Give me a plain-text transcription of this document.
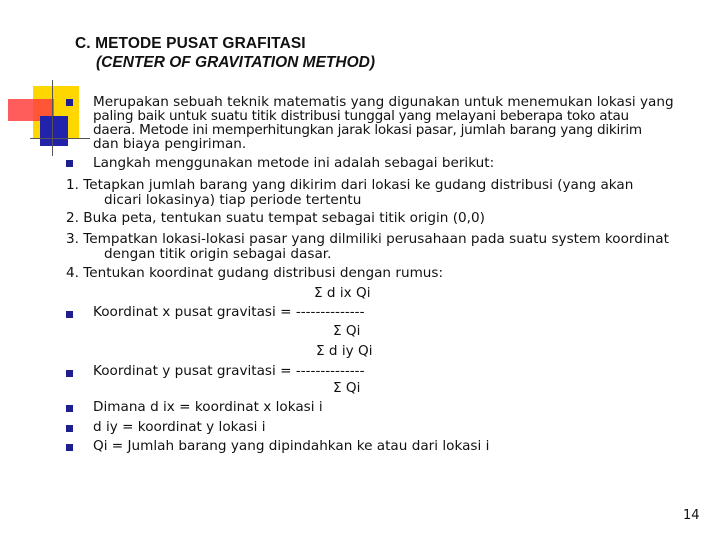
C. METODE PUSAT GRAFITASI
(CENTER OF GRAVITATION METHOD)
Merupakan sebuah teknik matematis yang digunakan untuk menemukan lokasi yang
paling baik untuk suatu titik distribusi tunggal yang melayani beberapa toko atau
daera. Metode ini memperhitungkan jarak lokasi pasar, jumlah barang yang dikirim
dan biaya pengiriman.
Langkah menggunakan metode ini adalah sebagai berikut:
1. Tetapkan jumlah barang yang dikirim dari lokasi ke gudang distribusi (yang akan
dicari lokasinya) tiap periode tertentu
2. Buka peta, tentukan suatu tempat sebagai titik origin (0,0)
3. Tempatkan lokasi-lokasi pasar yang dilmiliki perusahaan pada suatu system koordinat
dengan titik origin sebagai dasar.
4. Tentukan koordinat gudang distribusi dengan rumus:
Σ d ix Qi
Koordinat x pusat gravitasi = --------------
Σ Qi
Σ d iy Qi
Koordinat y pusat gravitasi = --------------
Σ Qi
Dimana d ix = koordinat x lokasi i
d iy = koordinat y lokasi i
Qi = Jumlah barang yang dipindahkan ke atau dari lokasi i
14
